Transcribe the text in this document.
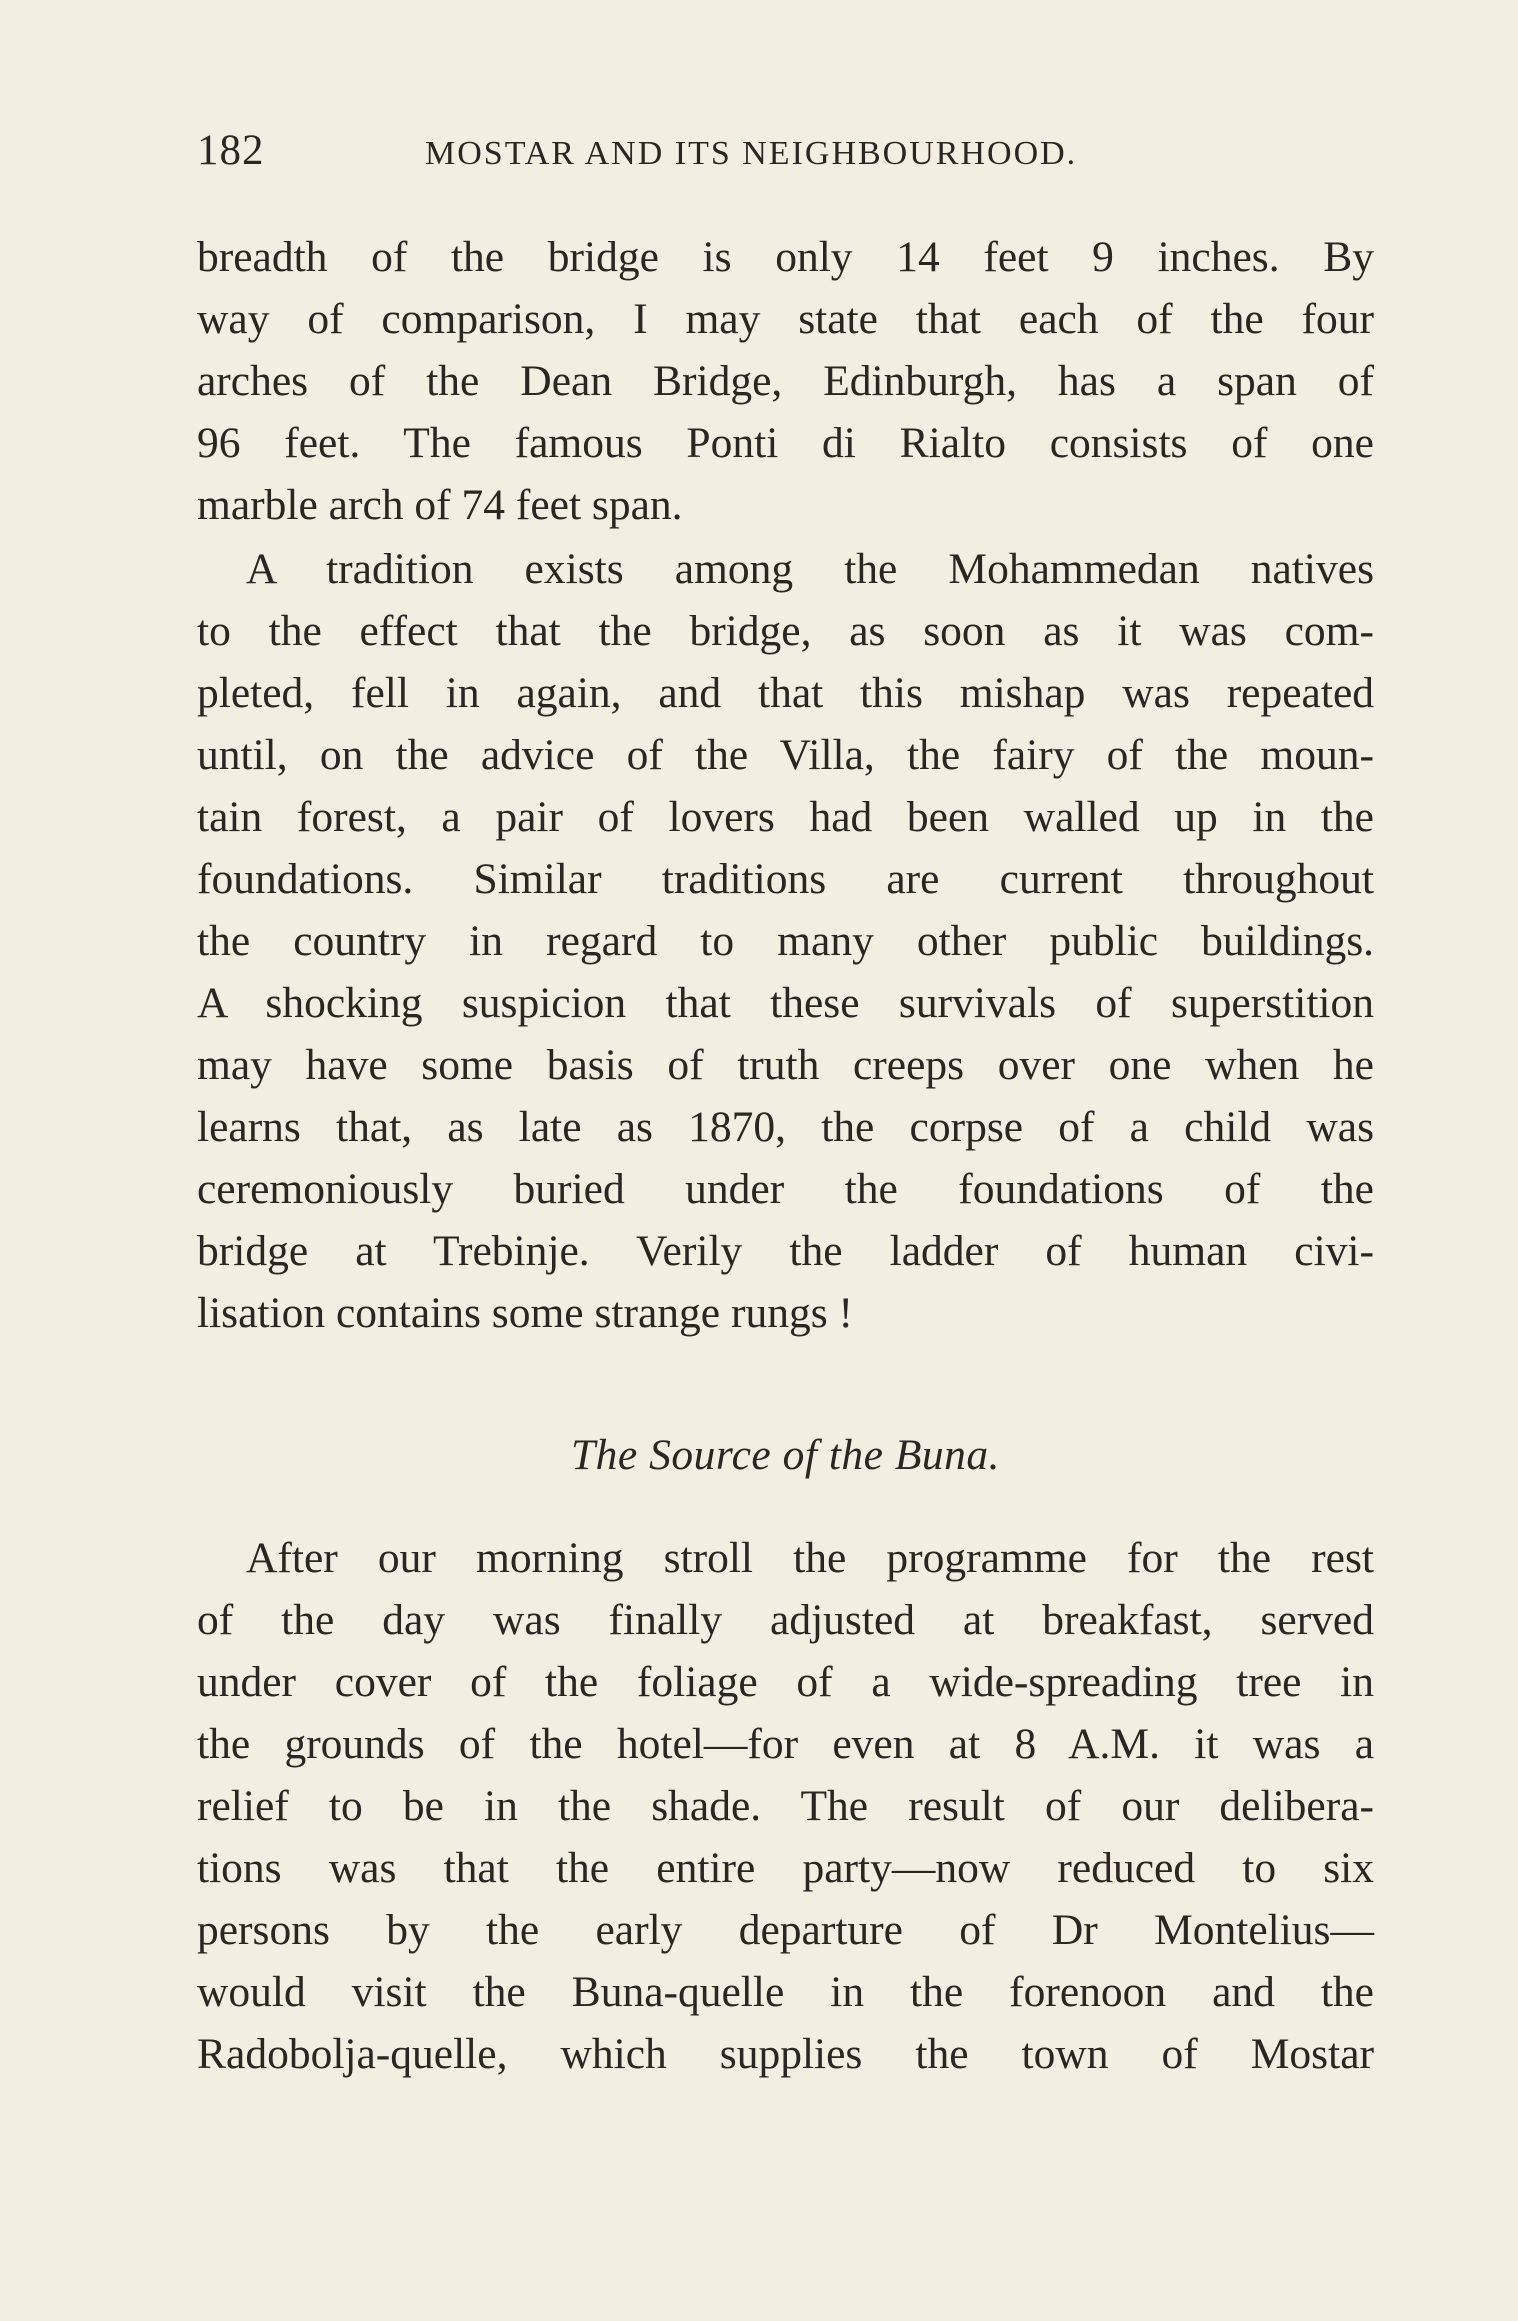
182	MOSTAR AND ITS NEIGHBOURHOOD.
breadth of the bridge is only 14 feet 9 inches. By
way of comparison, I may state that each of the four
arches of the Dean Bridge, Edinburgh, has a span of
96 feet. The famous Ponti di Rialto consists of one
marble arch of 74 feet span.
A tradition exists among the Mohammedan natives
to the effect that the bridge, as soon as it was com-
pleted, fell in again, and that this mishap was repeated
until, on the advice of the Villa, the fairy of the moun-
tain forest, a pair of lovers had been walled up in the
foundations. Similar traditions are current throughout
the country in regard to many other public buildings.
A shocking suspicion that these survivals of superstition
may have some basis of truth creeps over one when he
learns that, as late as 1870, the corpse of a child was
ceremoniously buried under the foundations of the
bridge at Trebinje. Verily the ladder of human civi-
lisation contains some strange rungs !
The Source of the Buna.
After our morning stroll the programme for the rest
of the day was finally adjusted at breakfast, served
under cover of the foliage of a wide-spreading tree in
the grounds of the hotel—for even at 8 A.M. it was a
relief to be in the shade. The result of our delibera-
tions was that the entire party—now reduced to six
persons by the early departure of Dr Montelius—
would visit the Buna-quelle in the forenoon and the
Radobolja-quelle, which supplies the town of Mostar
